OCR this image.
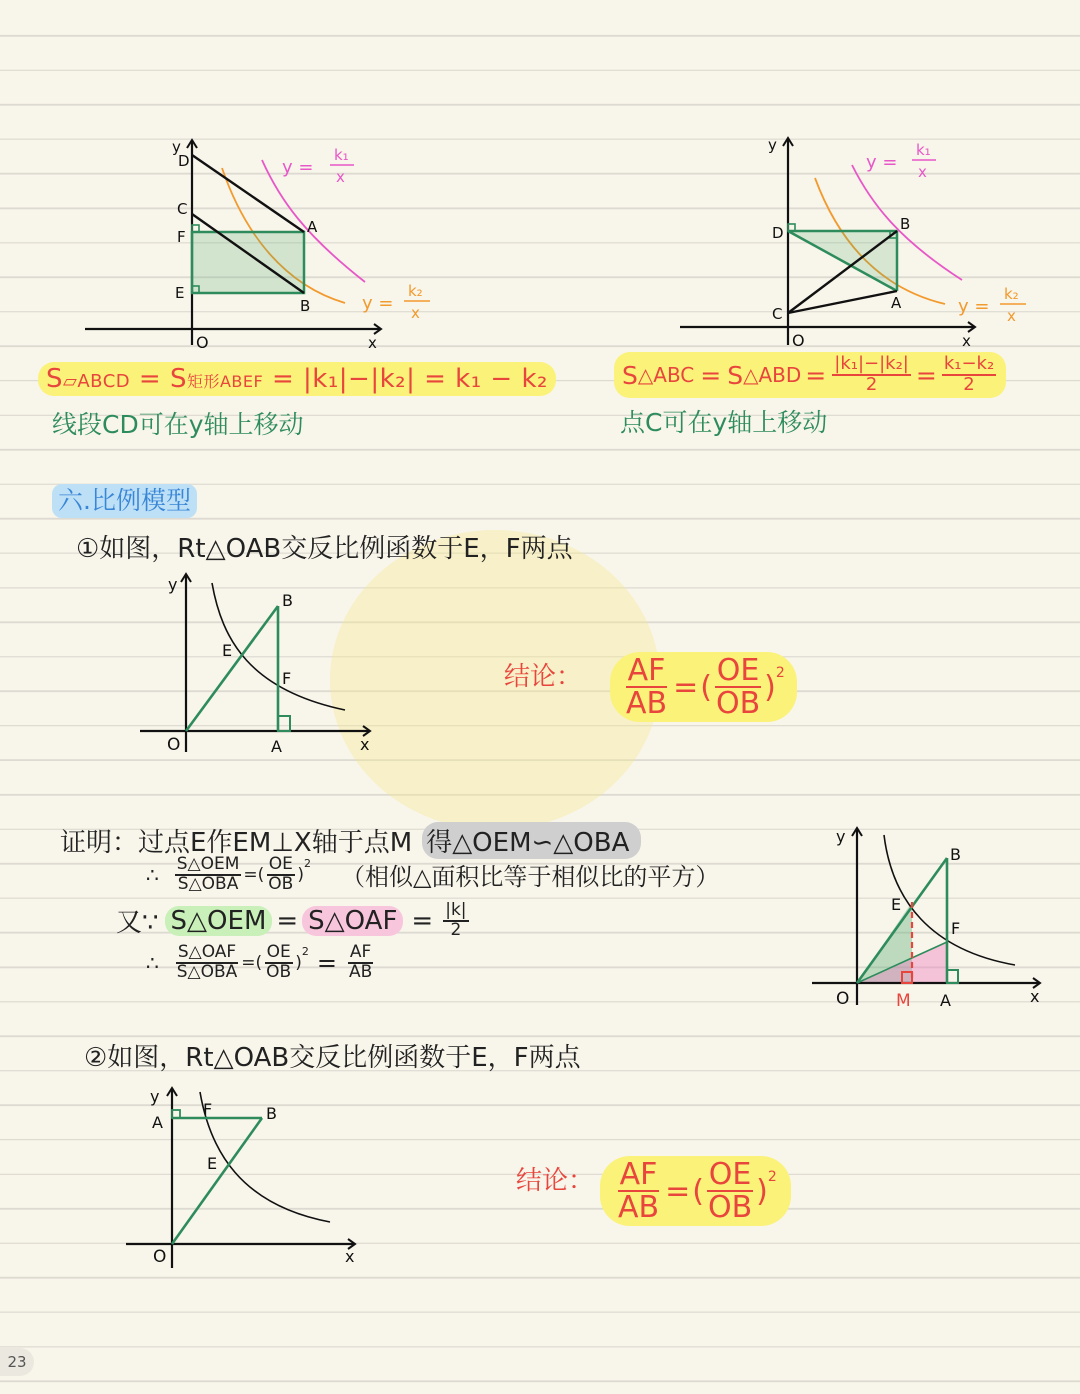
y
D
C
F
E
A
B
O	x
y =
k₁
x
y =
k₂
x
y
D
C
B
A
O	x
y =
k₁
x
y =
k₂
x
S▱ABCD = S矩形ABEF = |k₁|−|k₂| = k₁ − k₂
线段CD可在y轴上移动
S △ABC = S △ABD = $\frac{\text{|k₁|−|k₂|}}{2} = \frac{\text{k₁−k₂}}{2}$
点C可在y轴上移动
六.比例模型
①如图，Rt△OAB交反比例函数于E，F两点
y
B
E
F
O	A	x
结论： $\frac{AF}{AB}$ = ( $\frac{OE}{OB}$ ) 2
证明：过点E作EM⊥X轴于点M 得△OEM∽△OBA
∴ $\frac{\text{S△OEM}}{\text{S△OBA}}$ =( $\frac{OE}{OB}$ )
2 （相似△面积比等于相似比的平方）
又∵ S△OEM = S△OAF = $\frac{|k|}{2}$
∴ $\frac{\text{S△OAF}}{\text{S△OBA}}$ =( $\frac{OE}{OB}$ )
$2 = \frac{AF}{AB}$
y
B
E
F
O	M A	x
②如图，Rt△OAB交反比例函数于E，F两点
y
A
F	B
E
O	x
结论： $\frac{AF}{AB}$ = ( $\frac{OE}{OB}$ ) 2
23
